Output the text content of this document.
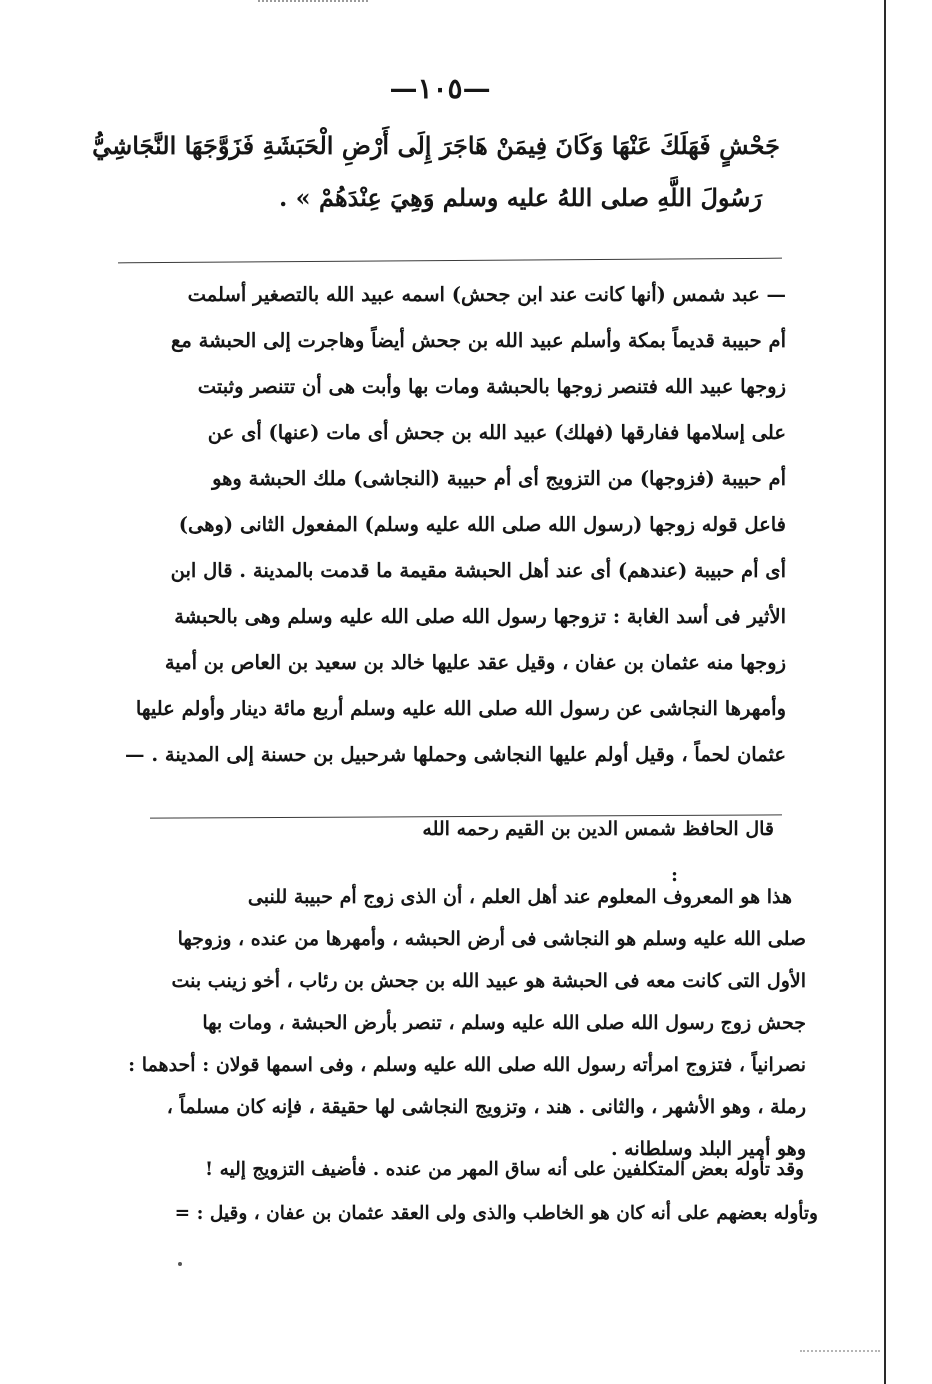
—١٠٥—

جَحْشٍ فَهَلَكَ عَنْهَا وَكَانَ فِيمَنْ هَاجَرَ إِلَى أَرْضِ الْحَبَشَةِ فَزَوَّجَهَا النَّجَاشِيُّ

رَسُولَ اللَّهِ صلى اللهُ عليه وسلم وَهِيَ عِنْدَهُمْ » .

— عبد شمس (أنها كانت عند ابن جحش) اسمه عبيد الله بالتصغير أسلمت

أم حبيبة قديماً بمكة وأسلم عبيد الله بن جحش أيضاً وهاجرت إلى الحبشة مع

زوجها عبيد الله فتنصر زوجها بالحبشة ومات بها وأبت هى أن تتنصر وثبتت

على إسلامها ففارقها (فهلك) عبيد الله بن جحش أى مات (عنها) أى عن

أم حبيبة (فزوجها) من التزويج أى أم حبيبة (النجاشى) ملك الحبشة وهو

فاعل قوله زوجها (رسول الله صلى الله عليه وسلم) المفعول الثانى (وهى)

أى أم حبيبة (عندهم) أى عند أهل الحبشة مقيمة ما قدمت بالمدينة . قال ابن

الأثير فى أسد الغابة : تزوجها رسول الله صلى الله عليه وسلم وهى بالحبشة

زوجها منه عثمان بن عفان ، وقيل عقد عليها خالد بن سعيد بن العاص بن أمية

وأمهرها النجاشى عن رسول الله صلى الله عليه وسلم أربع مائة دينار وأولم عليها

عثمان لحماً ، وقيل أولم عليها النجاشى وحملها شرحبيل بن حسنة إلى المدينة . —

قال الحافظ شمس الدين بن القيم رحمه الله

:

هذا هو المعروف المعلوم عند أهل العلم ، أن الذى زوج أم حبيبة للنبى

صلى الله عليه وسلم هو النجاشى فى أرض الحبشه ، وأمهرها من عنده ، وزوجها

الأول التى كانت معه فى الحبشة هو عبيد الله بن جحش بن رئاب ، أخو زينب بنت

جحش زوج رسول الله صلى الله عليه وسلم ، تنصر بأرض الحبشة ، ومات بها

نصرانياً ، فتزوج امرأته رسول الله صلى الله عليه وسلم ، وفى اسمها قولان : أحدهما :

رملة ، وهو الأشهر ، والثانى . هند ، وتزويج النجاشى لها حقيقة ، فإنه كان مسلماً ،

وهو أمير البلد وسلطانه .

وقد تأوله بعض المتكلفين على أنه ساق المهر من عنده . فأضيف التزويج إليه !

وتأوله بعضهم على أنه كان هو الخاطب والذى ولى العقد عثمان بن عفان ، وقيل : =
